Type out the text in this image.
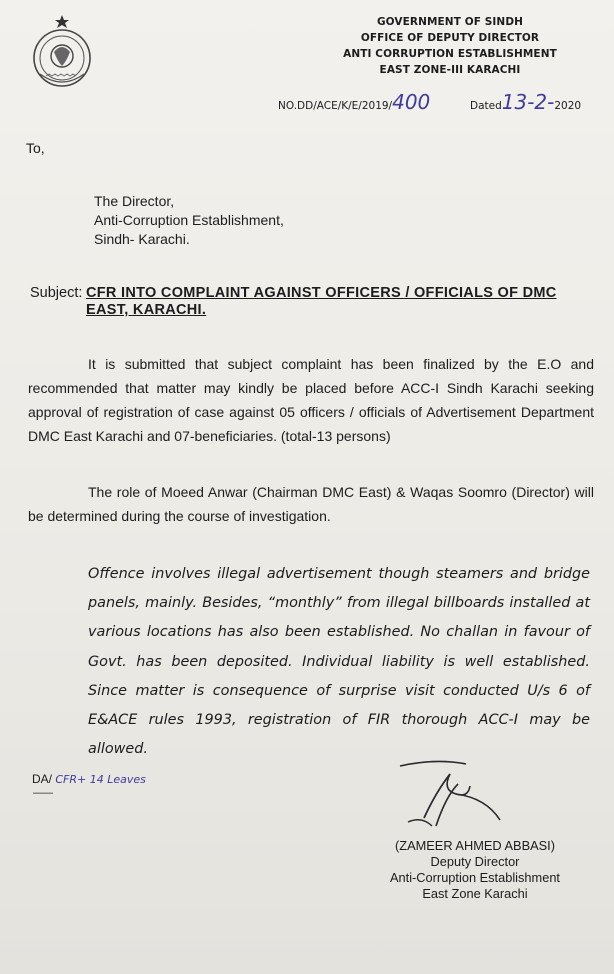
GOVERNMENT OF SINDH
OFFICE OF DEPUTY DIRECTOR
ANTI CORRUPTION ESTABLISHMENT
EAST ZONE-III KARACHI
NO.DD/ACE/K/E/2019/400	Dated13-2-2020
To,
The Director,
Anti-Corruption Establishment,
Sindh- Karachi.
Subject: CFR INTO COMPLAINT AGAINST OFFICERS / OFFICIALS OF DMC EAST, KARACHI.
It is submitted that subject complaint has been finalized by the E.O and recommended that matter may kindly be placed before ACC-I Sindh Karachi seeking approval of registration of case against 05 officers / officials of Advertisement Department DMC East Karachi and 07-beneficiaries. (total-13 persons)
The role of Moeed Anwar (Chairman DMC East) & Waqas Soomro (Director) will be determined during the course of investigation.
Offence involves illegal advertisement though steamers and bridge panels, mainly. Besides, “monthly” from illegal billboards installed at various locations has also been established. No challan in favour of Govt. has been deposited. Individual liability is well established. Since matter is consequence of surprise visit conducted U/s 6 of E&ACE rules 1993, registration of FIR thorough ACC-I may be allowed.
DA/ CFR+ 14 Leaves
▬▬▬▬
(ZAMEER AHMED ABBASI)
Deputy Director
Anti-Corruption Establishment
East Zone Karachi
